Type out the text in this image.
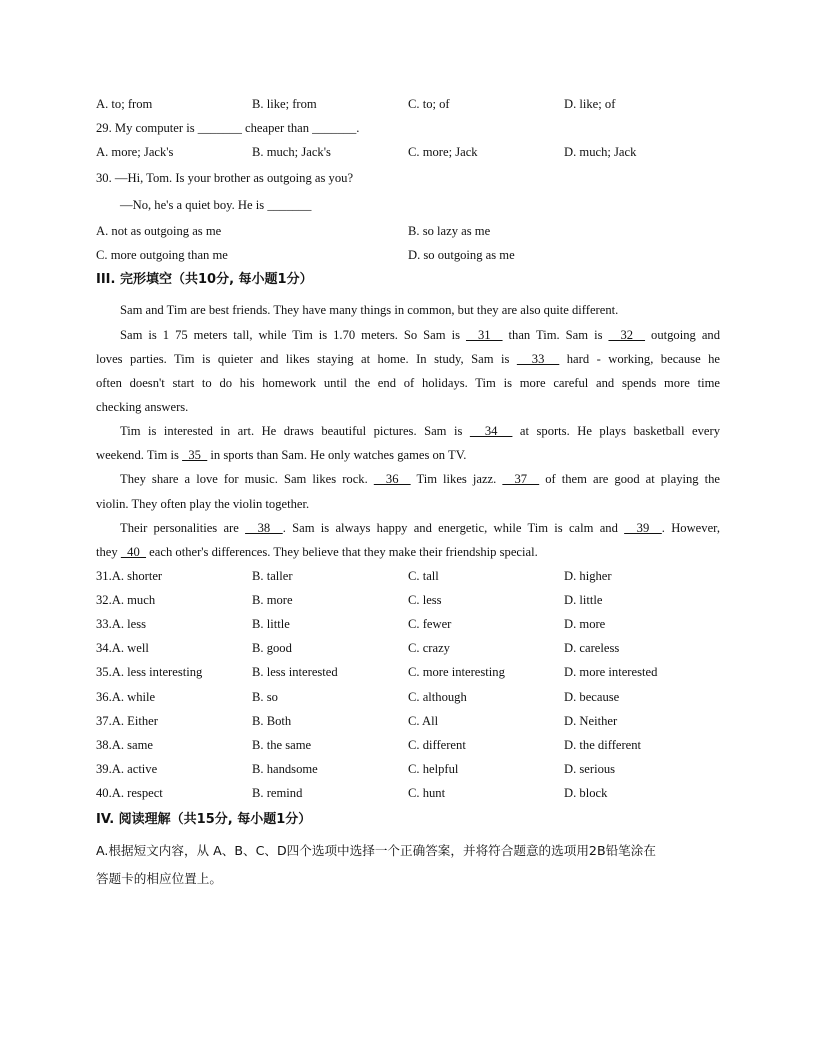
A. to; from	B. like; from	C. to; of	D. like; of
29. My computer is _______ cheaper than _______.
A. more; Jack's	B. much; Jack's	C. more; Jack	D. much; Jack
30. —Hi, Tom. Is your brother as outgoing as you?
—No, he's a quiet boy. He is _______
A. not as outgoing as me	B. so lazy as me
C. more outgoing than me	D. so outgoing as me
III. 完形填空（共10分, 每小题1分）
Sam and Tim are best friends. They have many things in common, but they are also quite different.
Sam is 1 75 meters tall, while Tim is 1.70 meters. So Sam is   31   than Tim. Sam is   32   outgoing and
loves parties. Tim is quieter and likes staying at home. In study, Sam is   33   hard - working, because he
often doesn't start to do his homework until the end of holidays. Tim is more careful and spends more time
checking answers.
Tim is interested in art. He draws beautiful pictures. Sam is   34   at sports. He plays basketball every
weekend. Tim is   35   in sports than Sam. He only watches games on TV.
They share a love for music. Sam likes rock.   36   Tim likes jazz.   37   of them are good at playing the
violin. They often play the violin together.
Their personalities are   38  . Sam is always happy and energetic, while Tim is calm and   39  . However,
they   40   each other's differences. They believe that they make their friendship special.
31.A. shorter	B. taller	C. tall	D. higher
32.A. much	B. more	C. less	D. little
33.A. less	B. little	C. fewer	D. more
34.A. well	B. good	C. crazy	D. careless
35.A. less interesting	B. less interested	C. more interesting	D. more interested
36.A. while	B. so	C. although	D. because
37.A. Either	B. Both	C. All	D. Neither
38.A. same	B. the same	C. different	D. the different
39.A. active	B. handsome	C. helpful	D. serious
40.A. respect	B. remind	C. hunt	D. block
IV. 阅读理解（共15分, 每小题1分）
A.根据短文内容，从 A、B、C、D四个选项中选择一个正确答案，并将符合题意的选项用2B铅笔涂在
答题卡的相应位置上。
